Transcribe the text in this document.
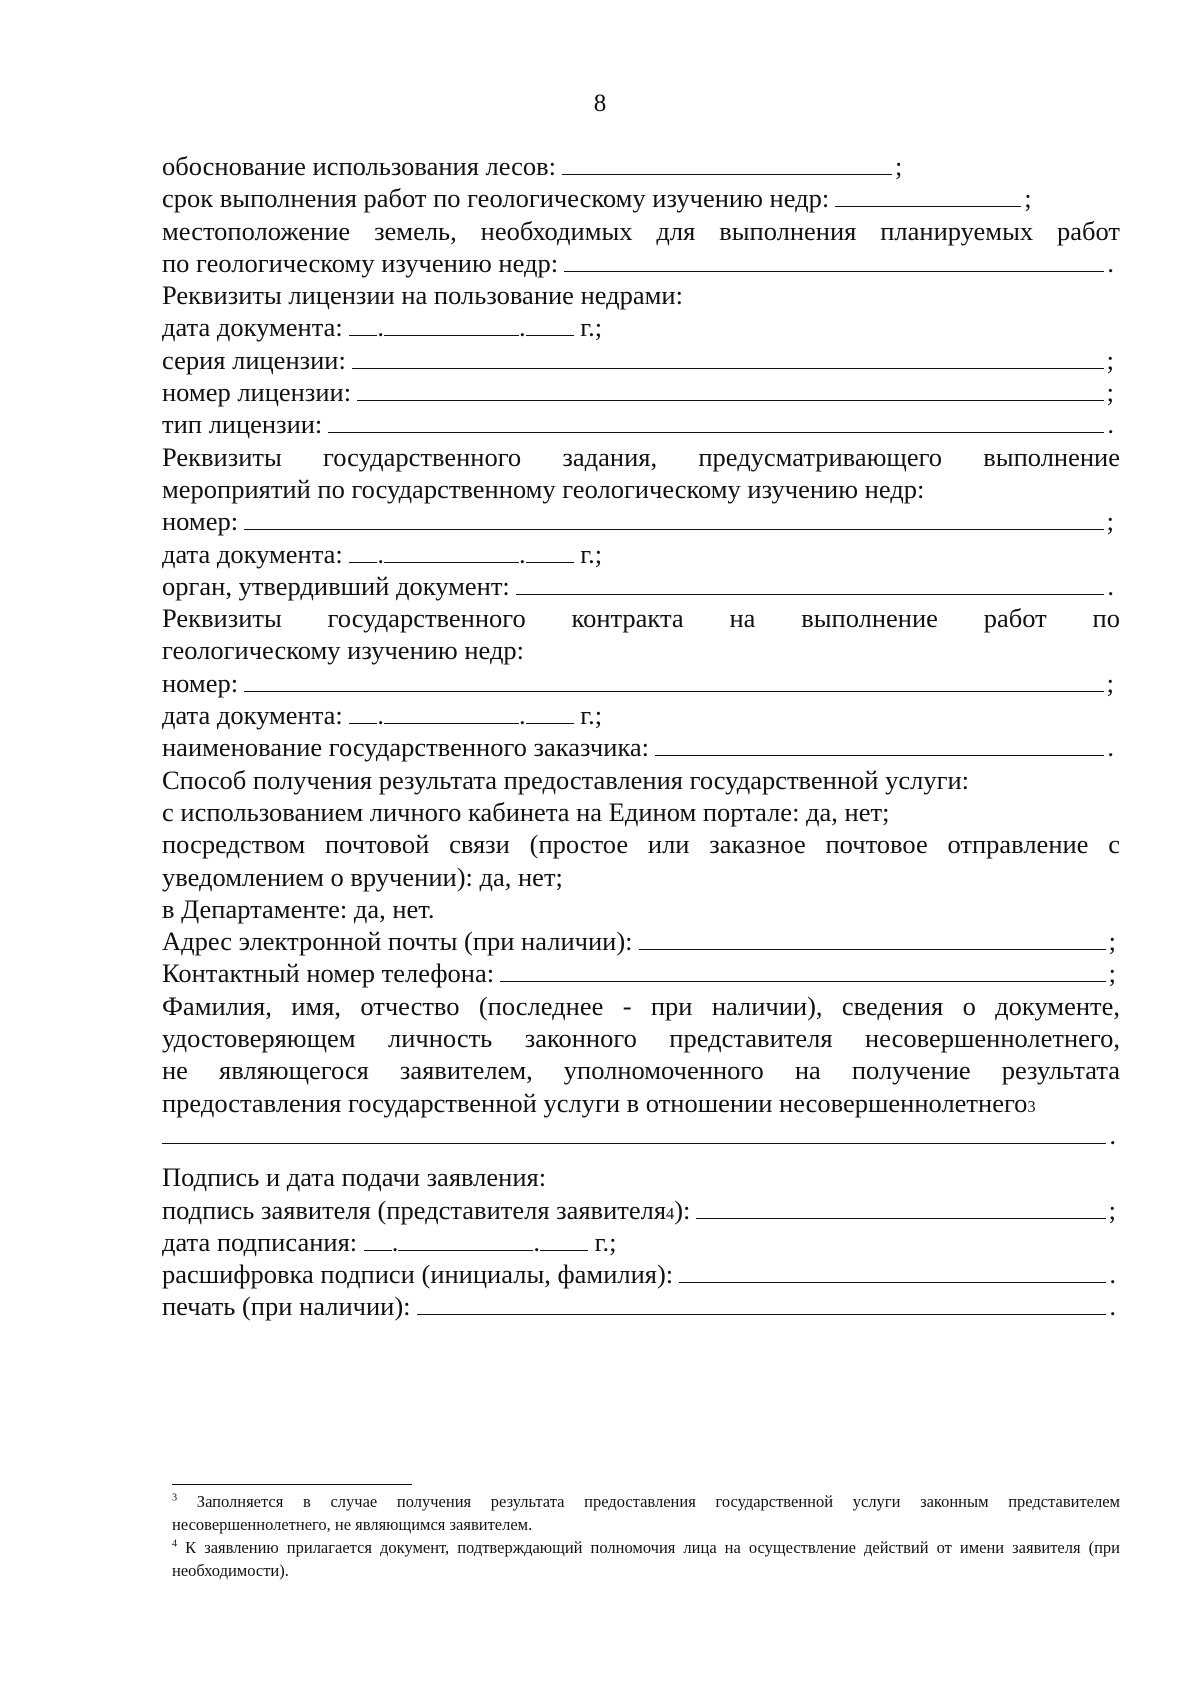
8
обоснование использования лесов:	;
срок выполнения работ по геологическому изучению недр:	;
местоположение земель, необходимых для выполнения планируемых работ
по геологическому изучению недр:	.
Реквизиты лицензии на пользование недрами:
дата документа:
.	.
г.;
серия лицензии:	;
номер лицензии:	;
тип лицензии:	.
Реквизиты государственного задания, предусматривающего выполнение
мероприятий по государственному геологическому изучению недр:
номер:	;
дата документа:
.	.
г.;
орган, утвердивший документ:	.
Реквизиты государственного контракта на выполнение работ по
геологическому изучению недр:
номер:	;
дата документа:
.	.
г.;
наименование государственного заказчика:	.
Способ получения результата предоставления государственной услуги:
с использованием личного кабинета на Едином портале: да, нет;
посредством почтовой связи (простое или заказное почтовое отправление с
уведомлением о вручении): да, нет;
в Департаменте: да, нет.
Адрес электронной почты (при наличии):	;
Контактный номер телефона:	;
Фамилия, имя, отчество (последнее - при наличии), сведения о документе,
удостоверяющем личность законного представителя несовершеннолетнего,
не являющегося заявителем, уполномоченного на получение результата
предоставления государственной услуги в отношении несовершеннолетнего 3
.
Подпись и дата подачи заявления:
подпись заявителя (представителя заявителя 4 ):	;
дата подписания:
.	.
г.;
расшифровка подписи (инициалы, фамилия):	.
печать (при наличии):	.
$^3$ Заполняется в случае получения результата предоставления государственной услуги законным представителем несовершеннолетнего, не являющимся заявителем.
$^4$ К заявлению прилагается документ, подтверждающий полномочия лица на осуществление действий от имени заявителя (при необходимости).
